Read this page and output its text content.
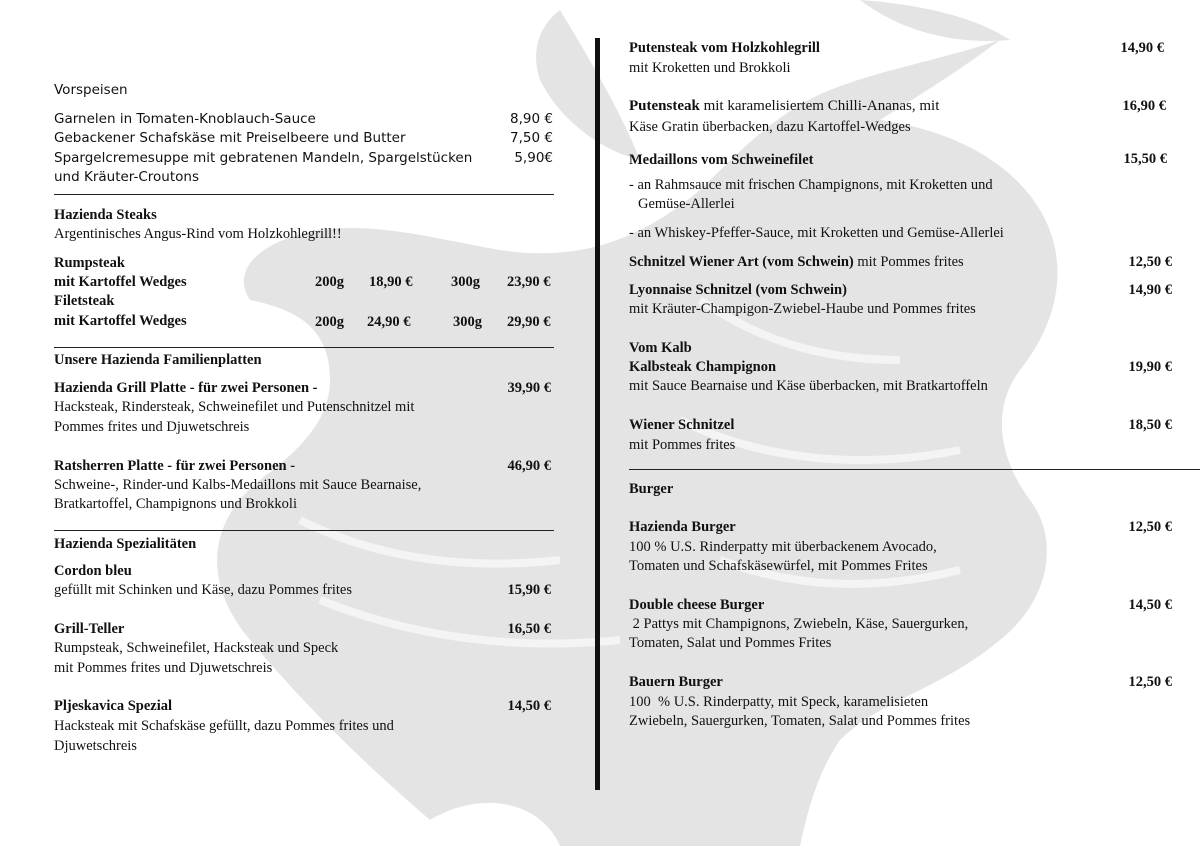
Vorspeisen
Garnelen in Tomaten-Knoblauch-Sauce	8,90 €
Gebackener Schafskäse mit Preiselbeere und Butter	7,50 €
Spargelcremesuppe mit gebratenen Mandeln, Spargelstücken	5,90€
und Kräuter-Croutons
Hazienda Steaks
Argentinisches Angus-Rind vom Holzkohlegrill!!
Rumpsteak
mit Kartoffel Wedges	200g 18,90 €	300g 23,90 €
Filetsteak
mit Kartoffel Wedges	200g 24,90 €	300g 29,90 €
Unsere Hazienda Familienplatten
Hazienda Grill Platte - für zwei Personen -	39,90 €
Hacksteak, Rindersteak, Schweinefilet und Putenschnitzel mit
Pommes frites und Djuwetschreis
Ratsherren Platte - für zwei Personen -	46,90 €
Schweine-, Rinder-und Kalbs-Medaillons mit Sauce Bearnaise,
Bratkartoffel, Champignons und Brokkoli
Hazienda Spezialitäten
Cordon bleu
gefüllt mit Schinken und Käse, dazu Pommes frites	15,90 €
Grill-Teller	16,50 €
Rumpsteak, Schweinefilet, Hacksteak und Speck
mit Pommes frites und Djuwetschreis
Pljeskavica Spezial	14,50 €
Hacksteak mit Schafskäse gefüllt, dazu Pommes frites und
Djuwetschreis
Putensteak vom Holzkohlegrill	14,90 €
mit Kroketten und Brokkoli
Putensteak mit karamelisiertem Chilli-Ananas, mit	16,90 €
Käse Gratin überbacken, dazu Kartoffel-Wedges
Medaillons vom Schweinefilet	15,50 €
- an Rahmsauce mit frischen Champignons, mit Kroketten und
Gemüse-Allerlei
- an Whiskey-Pfeffer-Sauce, mit Kroketten und Gemüse-Allerlei
Schnitzel Wiener Art (vom Schwein) mit Pommes frites	12,50 €
Lyonnaise Schnitzel (vom Schwein)	14,90 €
mit Kräuter-Champigon-Zwiebel-Haube und Pommes frites
Vom Kalb
Kalbsteak Champignon	19,90 €
mit Sauce Bearnaise und Käse überbacken, mit Bratkartoffeln
Wiener Schnitzel	18,50 €
mit Pommes frites
Burger
Hazienda Burger	12,50 €
100 % U.S. Rinderpatty mit überbackenem Avocado,
Tomaten und Schafskäsewürfel, mit Pommes Frites
Double cheese Burger	14,50 €
2 Pattys mit Champignons, Zwiebeln, Käse, Sauergurken,
Tomaten, Salat und Pommes Frites
Bauern Burger	12,50 €
100  % U.S. Rinderpatty, mit Speck, karamelisieten
Zwiebeln, Sauergurken, Tomaten, Salat und Pommes frites
